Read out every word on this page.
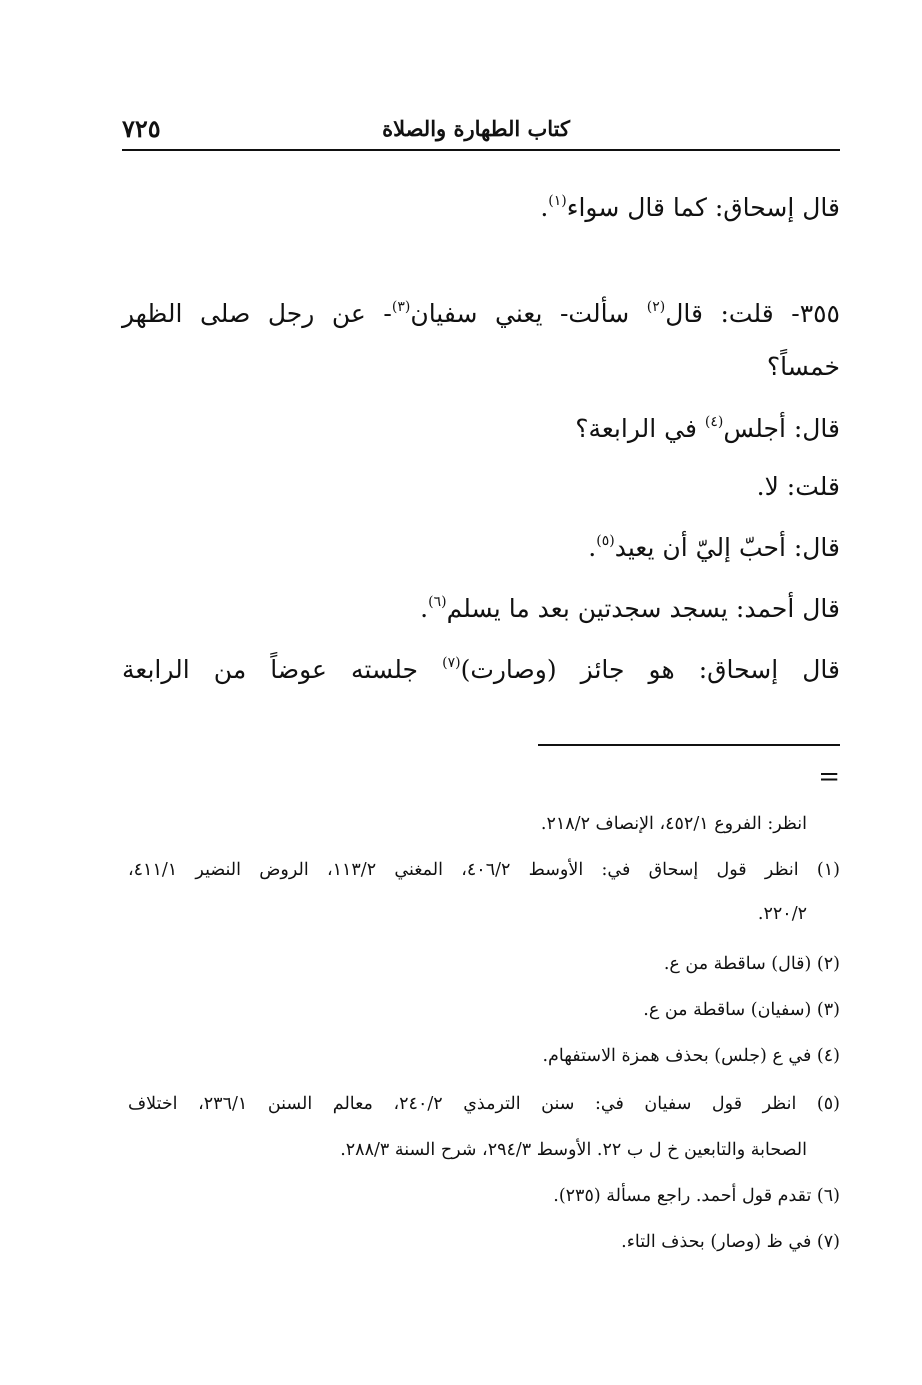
٧٢٥	كتاب الطهارة والصلاة
قال إسحاق: كما قال سواء$^{(١)}$.
٣٥٥- قلت: قال$^{(٢)}$ سألت- يعني سفيان$^{(٣)}$- عن رجل صلى الظهر
خمساً؟
قال: أجلس$^{(٤)}$ في الرابعة؟
قلت: لا.
قال: أحبّ إليّ أن يعيد$^{(٥)}$.
قال أحمد: يسجد سجدتين بعد ما يسلم$^{(٦)}$.
قال إسحاق: هو جائز (وصارت)$^{(٧)}$ جلسته عوضاً من الرابعة
=
انظر: الفروع ٤٥٢/١، الإنصاف ٢١٨/٢.
(١) انظر قول إسحاق في: الأوسط ٤٠٦/٢، المغني ١١٣/٢، الروض النضير ٤١١/١،
٢٢٠/٢.
(٢) (قال) ساقطة من ع.
(٣) (سفيان) ساقطة من ع.
(٤) في ع (جلس) بحذف همزة الاستفهام.
(٥) انظر قول سفيان في: سنن الترمذي ٢٤٠/٢، معالم السنن ٢٣٦/١، اختلاف
الصحابة والتابعين خ ل ب ٢٢. الأوسط ٢٩٤/٣، شرح السنة ٢٨٨/٣.
(٦) تقدم قول أحمد. راجع مسألة (٢٣٥).
(٧) في ظ (وصار) بحذف التاء.
